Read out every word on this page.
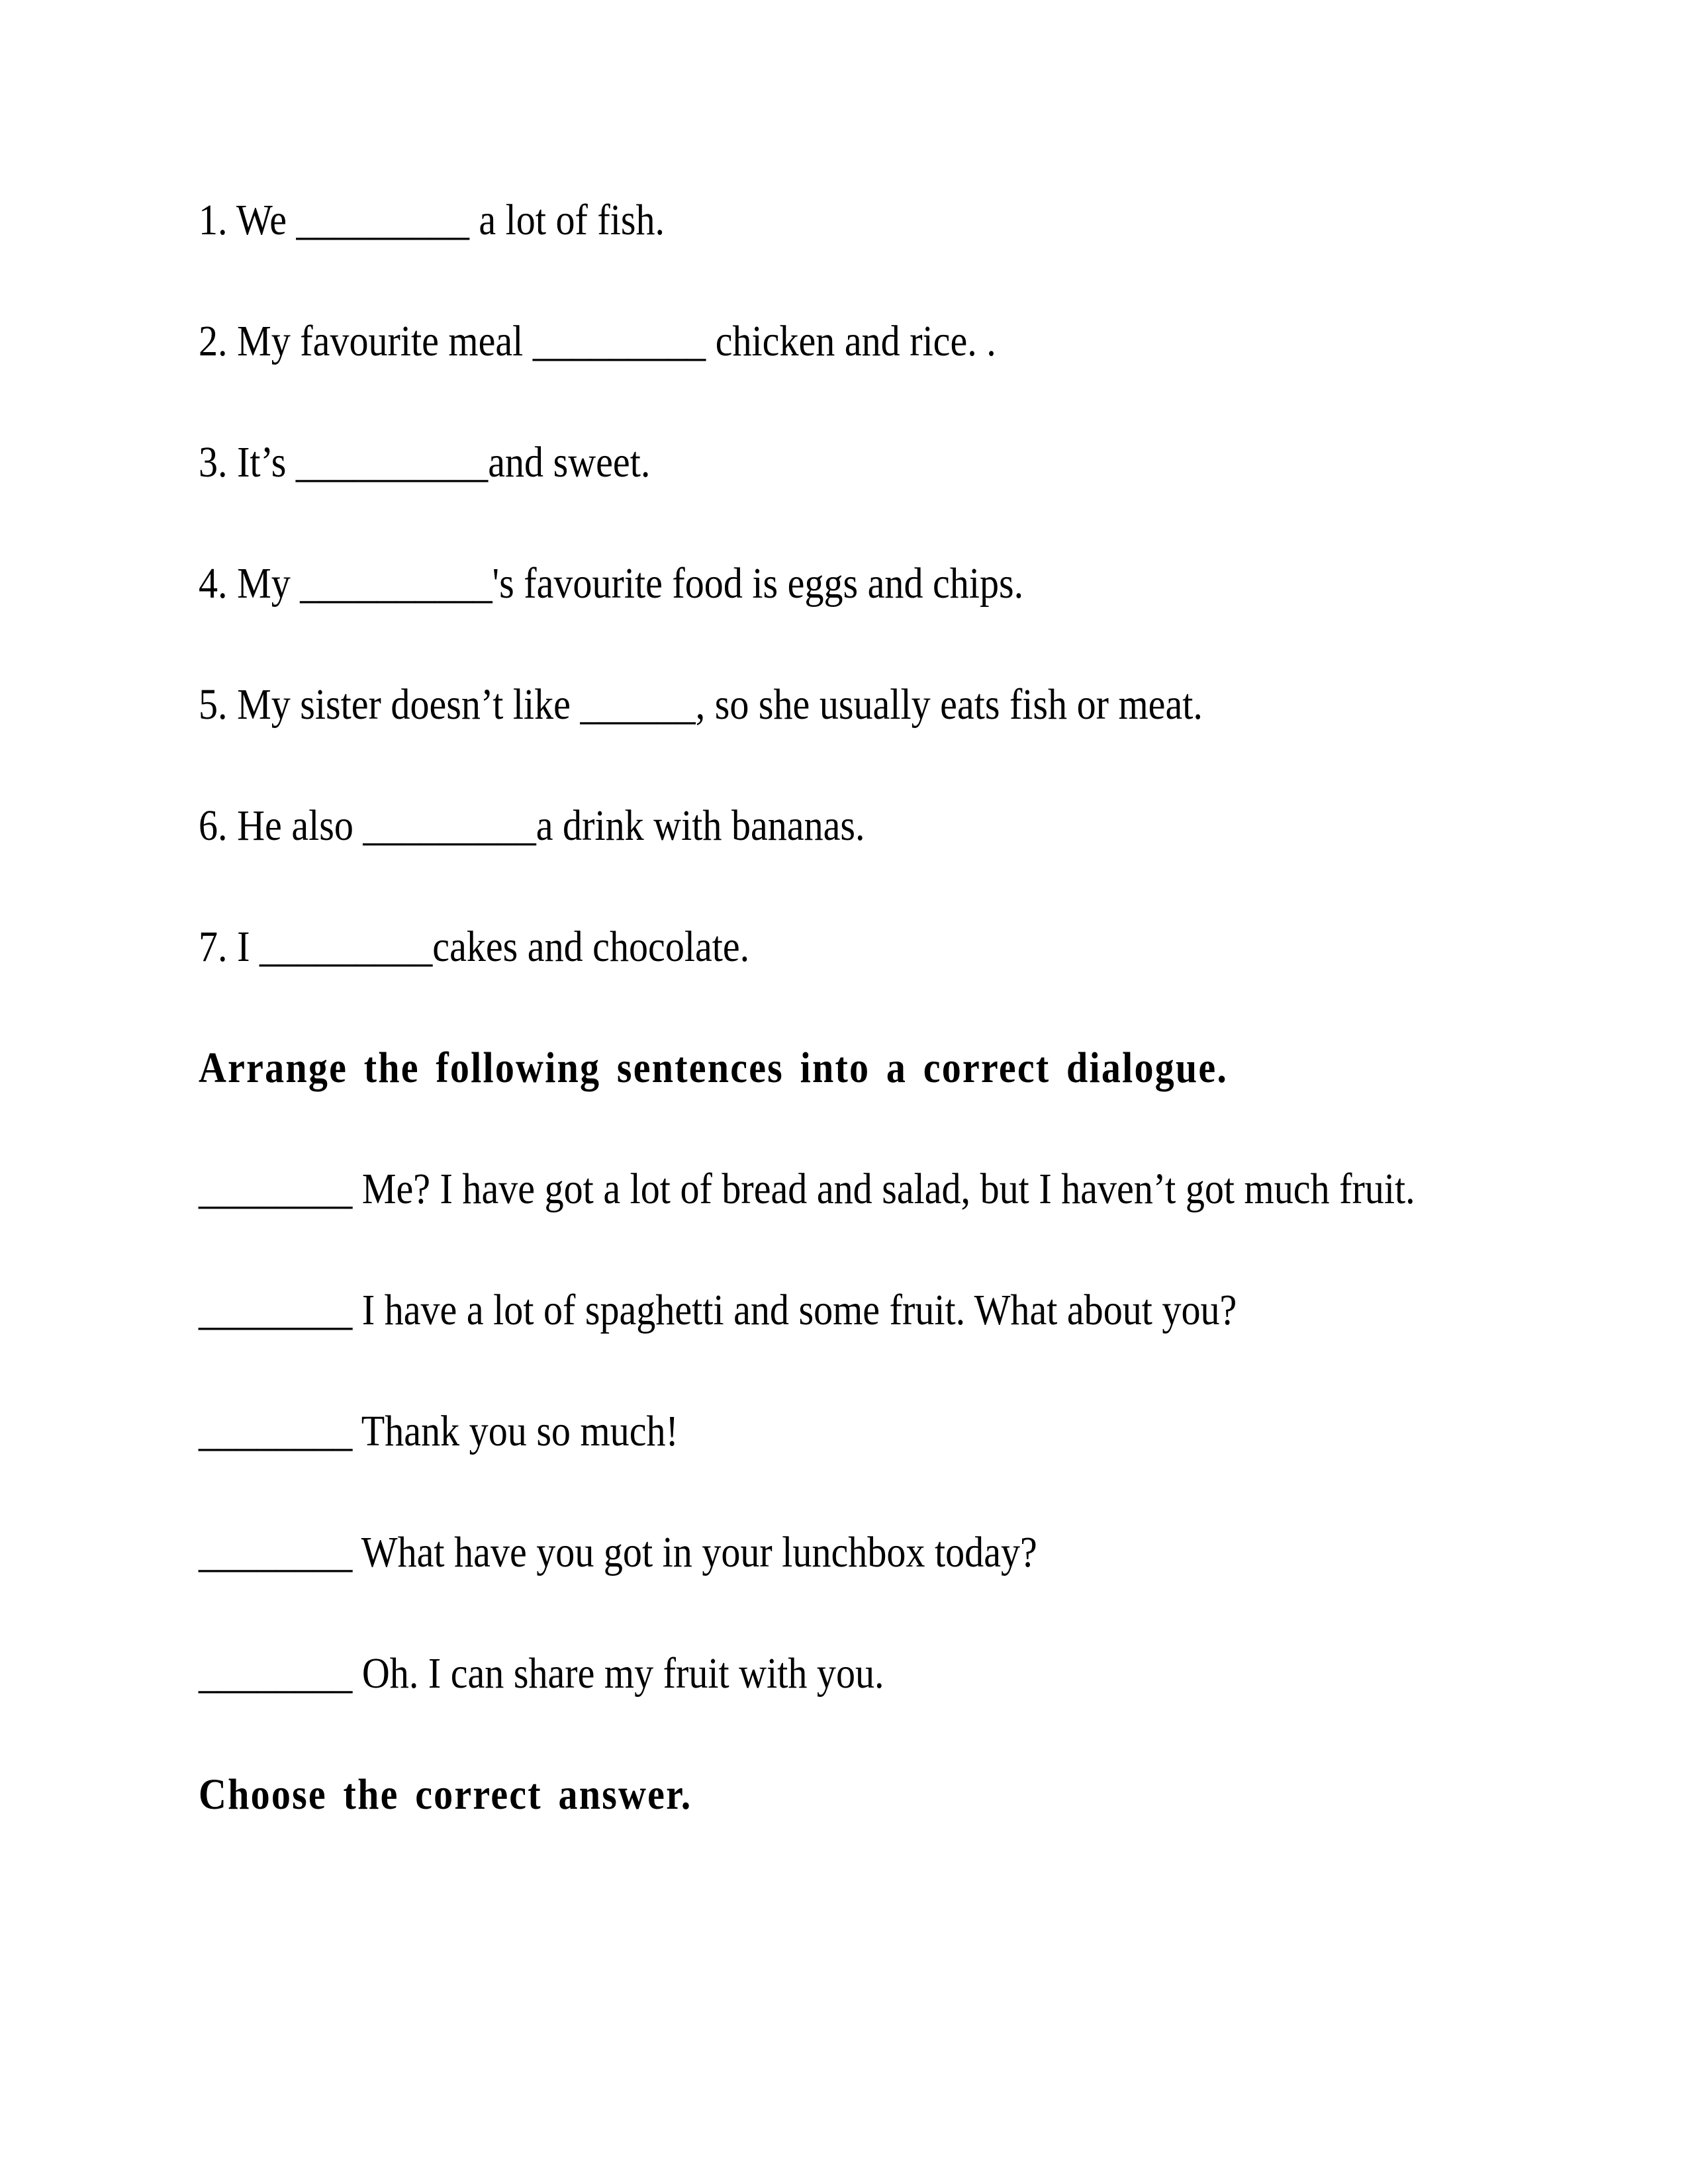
1. We _________ a lot of fish.

2. My favourite meal _________ chicken and rice. .

3. It’s __________and sweet.

4. My __________'s favourite food is eggs and chips.

5. My sister doesn’t like ______, so she usually eats fish or meat.

6. He also _________a drink with bananas.

7. I _________cakes and chocolate.

Arrange the following sentences into a correct dialogue.

________ Me? I have got a lot of bread and salad, but I haven’t got much fruit.

________ I have a lot of spaghetti and some fruit. What about you?

________ Thank you so much!

________ What have you got in your lunchbox today?

________ Oh. I can share my fruit with you.

Choose the correct answer.
